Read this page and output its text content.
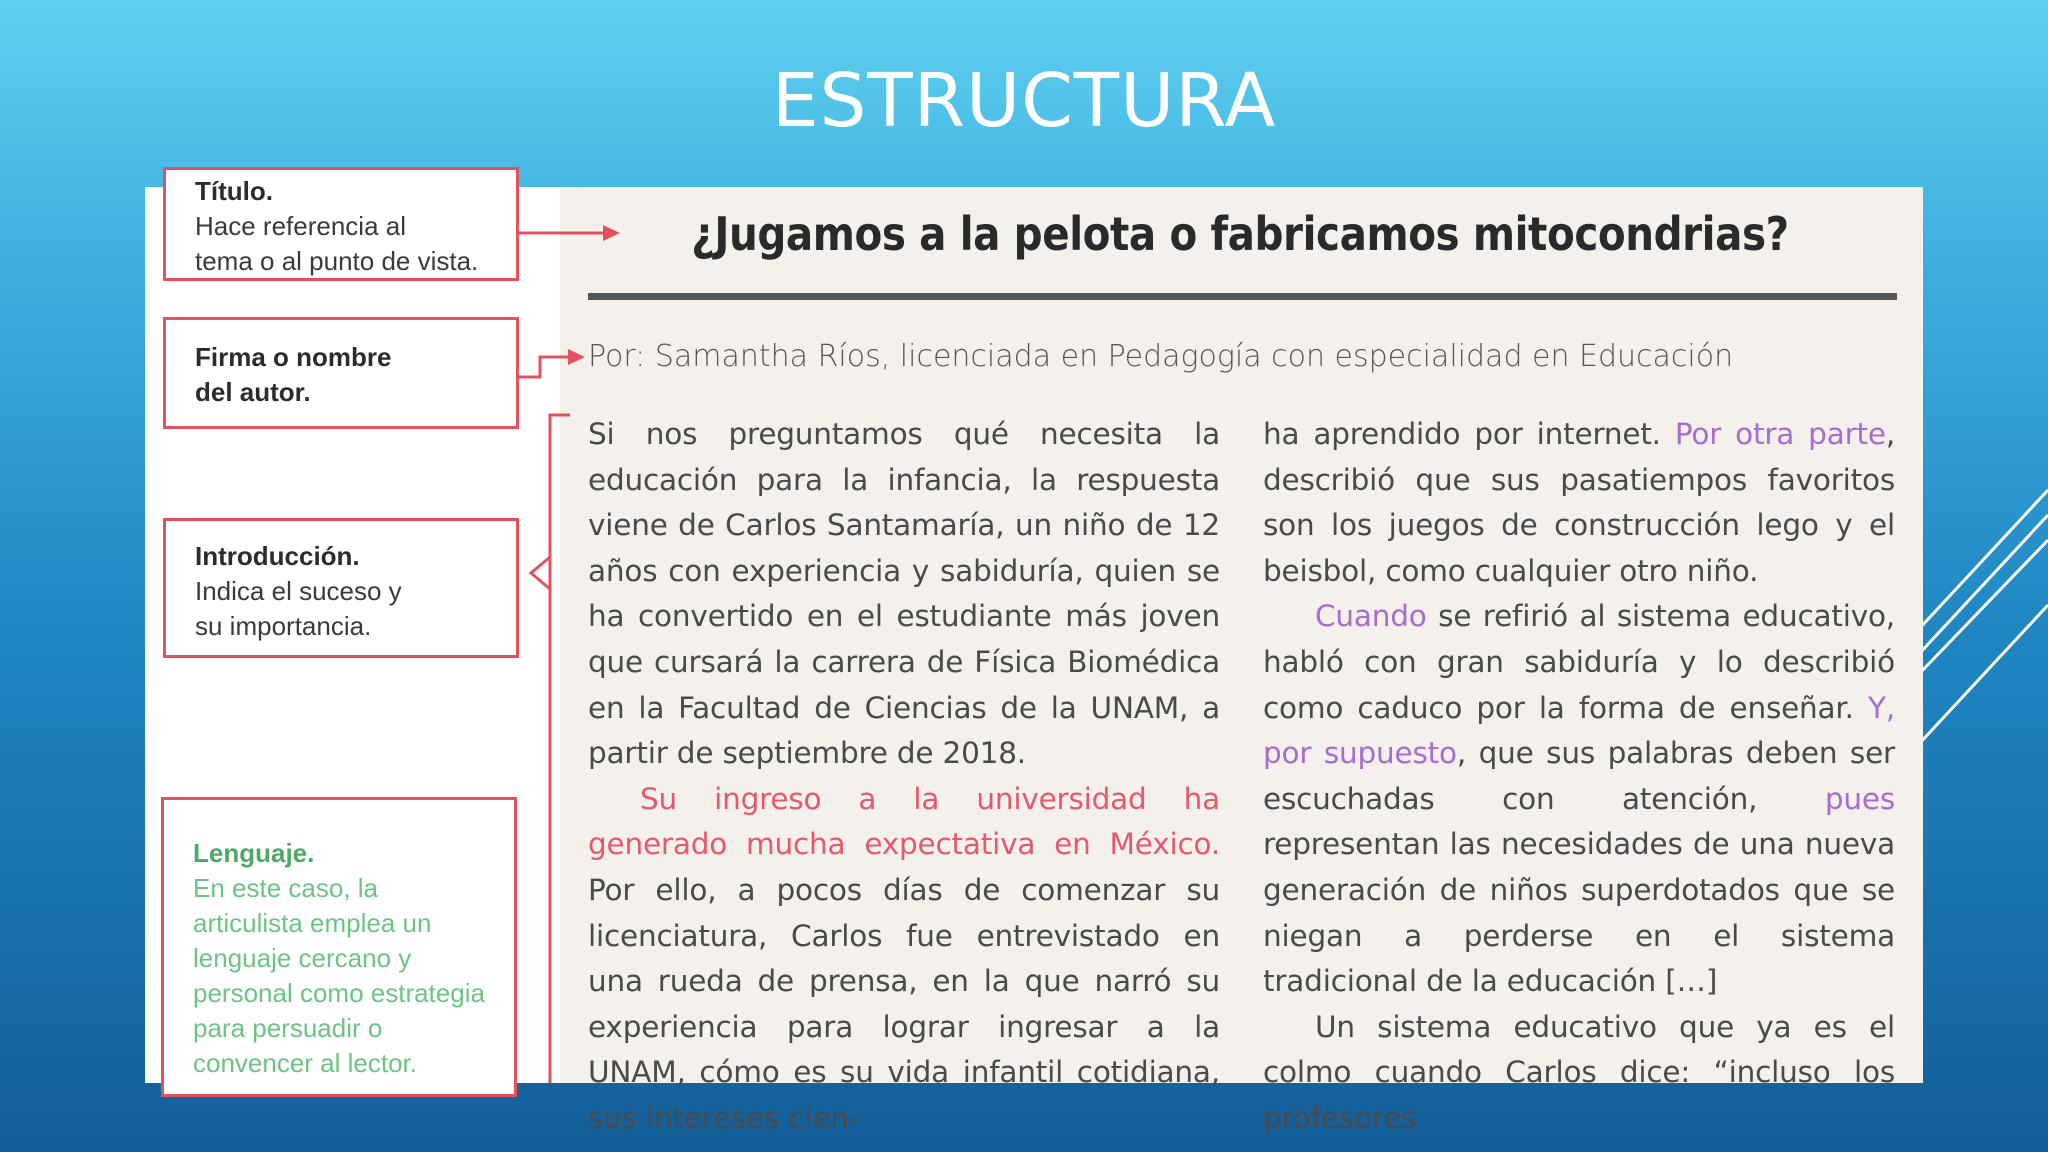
ESTRUCTURA
Título.
Hace referencia al
tema o al punto de vista.
Firma o nombre
del autor.
Introducción.
Indica el suceso y
su importancia.
Lenguaje.
En este caso, la
articulista emplea un
lenguaje cercano y
personal como estrategia
para persuadir o
convencer al lector.
¿Jugamos a la pelota o fabricamos mitocondrias?
Por: Samantha Ríos, licenciada en Pedagogía con especialidad en Educación

Si nos preguntamos qué necesita la educación para la infancia, la respuesta viene de Carlos Santamaría, un niño de 12 años con experiencia y sabiduría, quien se ha convertido en el estudiante más joven que cursará la carrera de Física Biomédica en la Facultad de Ciencias de la UNAM, a partir de septiembre de 2018.

Su ingreso a la universidad ha generado mucha expectativa en México. Por ello, a pocos días de comenzar su licenciatura, Carlos fue entrevistado en una rueda de prensa, en la que narró su experiencia para lograr ingresar a la UNAM, cómo es su vida infantil cotidiana, sus intereses cien-

ha aprendido por internet. Por otra parte, describió que sus pasatiempos favoritos son los juegos de construcción lego y el beisbol, como cualquier otro niño.

Cuando se refirió al sistema educativo, habló con gran sabiduría y lo describió como caduco por la forma de enseñar. Y, por supuesto, que sus palabras deben ser escuchadas con atención, pues representan las necesidades de una nueva generación de niños superdotados que se niegan a perderse en el sistema tradicional de la educación […]

Un sistema educativo que ya es el colmo cuando Carlos dice: “incluso los profesores
